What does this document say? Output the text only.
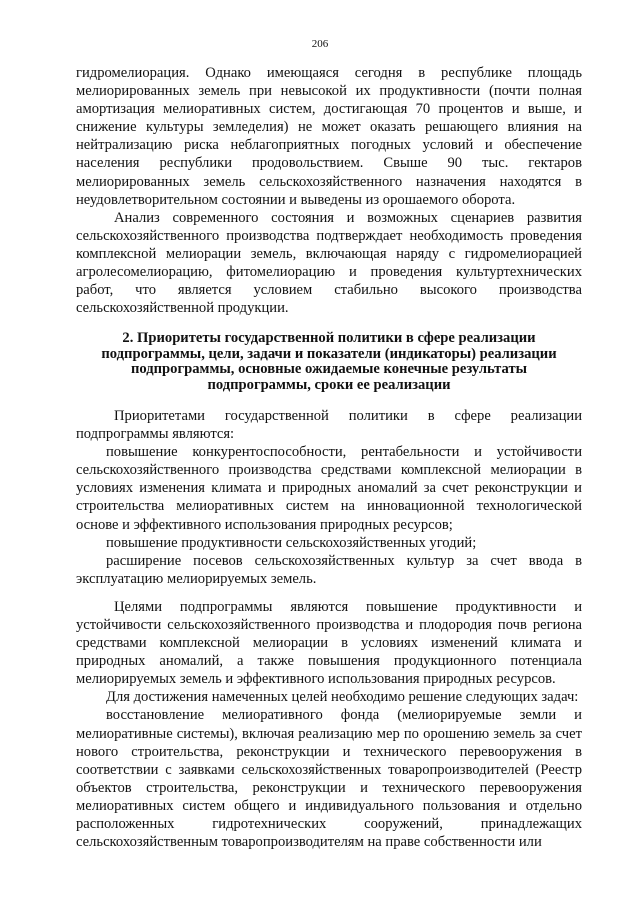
206

гидромелиорация. Однако имеющаяся сегодня в республике площадь мелиорированных земель при невысокой их продуктивности (почти полная амортизация мелиоративных систем, достигающая 70 процентов и выше, и снижение культуры земледелия) не может оказать решающего влияния на нейтрализацию риска неблагоприятных погодных условий и обеспечение населения республики продовольствием. Свыше 90 тыс. гектаров мелиорированных земель сельскохозяйственного назначения находятся в неудовлетворительном состоянии и выведены из орошаемого оборота.

Анализ современного состояния и возможных сценариев развития сельскохозяйственного производства подтверждает необходимость проведения комплексной мелиорации земель, включающая наряду с гидромелиорацией агролесомелиорацию, фитомелиорацию и проведения культуртехнических работ, что является условием стабильно высокого производства сельскохозяйственной продукции.

2. Приоритеты государственной политики в сфере реализации подпрограммы, цели, задачи и показатели (индикаторы) реализации подпрограммы, основные ожидаемые конечные результаты подпрограммы, сроки ее реализации

Приоритетами государственной политики в сфере реализации подпрограммы являются:

повышение конкурентоспособности, рентабельности и устойчивости сельскохозяйственного производства средствами комплексной мелиорации в условиях изменения климата и природных аномалий за счет реконструкции и строительства мелиоративных систем на инновационной технологической основе и эффективного использования природных ресурсов;

повышение продуктивности сельскохозяйственных угодий;

расширение посевов сельскохозяйственных культур за счет ввода в эксплуатацию мелиорируемых земель.

Целями подпрограммы являются повышение продуктивности и устойчивости сельскохозяйственного производства и плодородия почв региона средствами комплексной мелиорации в условиях изменений климата и природных аномалий, а также повышения продукционного потенциала мелиорируемых земель и эффективного использования природных ресурсов.

Для достижения намеченных целей необходимо решение следующих задач:

восстановление мелиоративного фонда (мелиорируемые земли и мелиоративные системы), включая реализацию мер по орошению земель за счет нового строительства, реконструкции и технического перевооружения в соответствии с заявками сельскохозяйственных товаропроизводителей (Реестр объектов строительства, реконструкции и технического перевооружения мелиоративных систем общего и индивидуального пользования и отдельно расположенных гидротехнических сооружений, принадлежащих сельскохозяйственным товаропроизводителям на праве собственности или
